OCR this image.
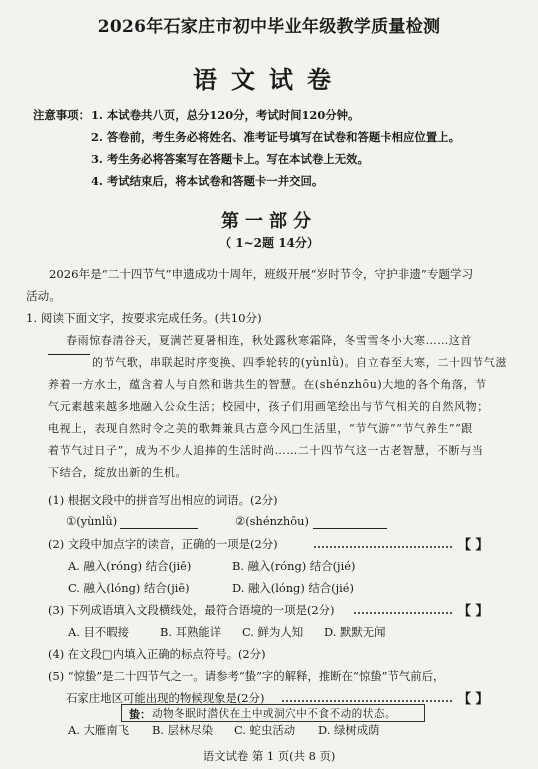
2026年石家庄市初中毕业年级教学质量检测
语文试卷
注意事项： 1. 本试卷共八页，总分120分，考试时间120分钟。
2. 答卷前，考生务必将姓名、准考证号填写在试卷和答题卡相应位置上。
3. 考生务必将答案写在答题卡上。写在本试卷上无效。
4. 考试结束后，将本试卷和答题卡一并交回。
第一部分
（ 1~2题 14分）
2026年是“二十四节气”申遗成功十周年，班级开展“岁时节令，守护非遗”专题学习
活动。
1. 阅读下面文字，按要求完成任务。(共10分)
春雨惊春清谷天，夏满芒夏暑相连，秋处露秋寒霜降，冬雪雪冬小大寒……这首
的节气歌，串联起时序变换、四季轮转的(yùnlǜ)。自立春至大寒，二十四节气滋
养着一方水土，蕴含着人与自然和谐共生的智慧。在(shénzhōu)大地的各个角落，节
气元素越来越多地融入公众生活；校园中，孩子们用画笔绘出与节气相关的自然风物；
电视上，表现自然时令之美的歌舞兼具古意今风□生活里，“节气游”“节气养生”“跟
着节气过日子”，成为不少人追捧的生活时尚……二十四节气这一古老智慧，不断与当
下结合，绽放出新的生机。
(1) 根据文段中的拼音写出相应的词语。(2分)
①(yùnlǜ)	②(shénzhōu)
(2) 文段中加点字的读音，正确的一项是(2分)	【 】
A. 融入(róng) 结合(jiē)	B. 融入(róng) 结合(jié)
C. 融入(lóng) 结合(jiē)	D. 融入(lóng) 结合(jié)
(3) 下列成语填入文段横线处，最符合语境的一项是(2分)	【 】
A. 目不暇接	B. 耳熟能详 C. 鲜为人知 D. 默默无闻
(4) 在文段□内填入正确的标点符号。(2分)
(5) “惊蛰”是二十四节气之一。请参考“蛰”字的解释，推断在“惊蛰”节气前后，
石家庄地区可能出现的物候现象是(2分)	【 】
蛰： 动物冬眠时潜伏在土中或洞穴中不食不动的状态。
语文试卷 第 1 页(共 8 页)
A. 大雁南飞 B. 层林尽染 C. 蛇虫活动 D. 绿树成荫
